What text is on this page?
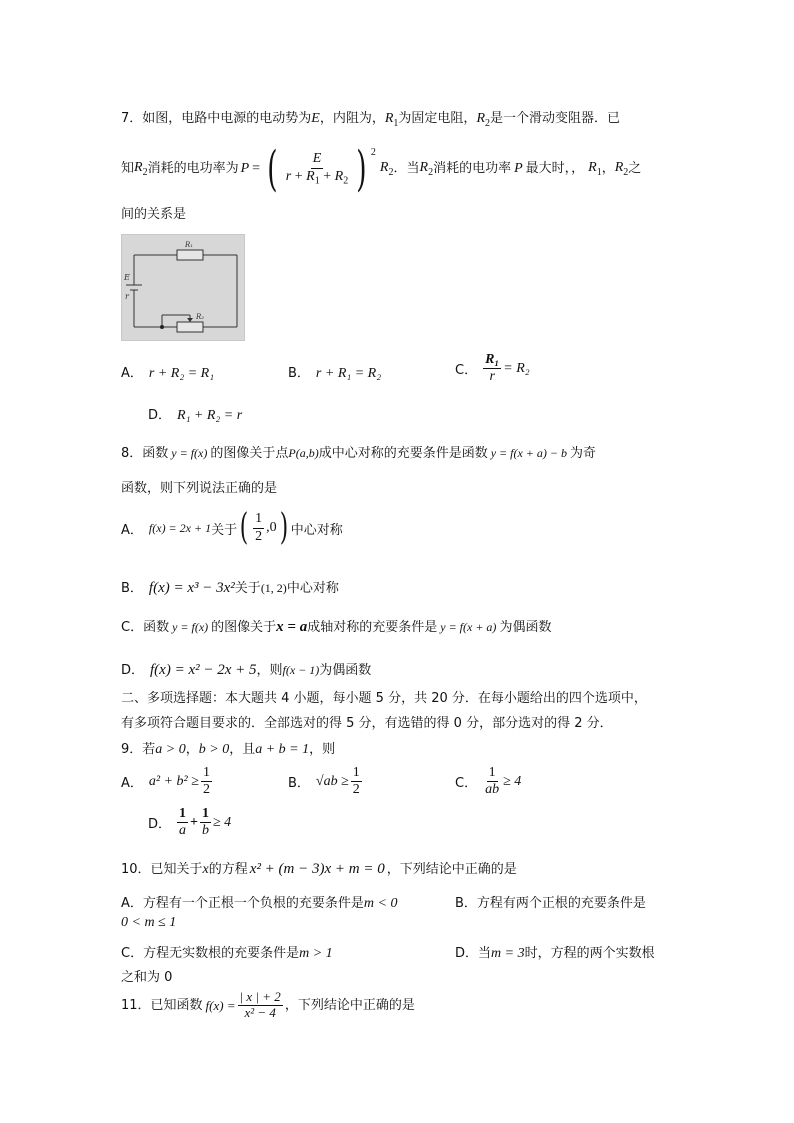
7．如图，电路中电源的电动势为E，内阻为，$R_1$为固定电阻，$R_2$是一个滑动变阻器．已
知 $R_2$ 消耗的电功率为 P = ( $\frac{E}{r + R_1 + R_2}$ ) 2
$R_2$ ．当 $R_2$ 消耗的电功率 P 最大时，， $R_1$ ， $R_2$ 之
间的关系是
R₁
E
r
R₂
A． r + R₂ = R₁	B． r + R₁ = R₂	C． $\frac{\text{R₁}}{r} = R_2$
D． R₁ + R₂ = r
8．函数 y = f(x) 的图像关于点P(a,b)成中心对称的充要条件是函数 y = f(x + a) − b 为奇
函数，则下列说法正确的是
A． f(x) = 2x + 1 关于 ( $\frac{1}{2} ,0$ ) 中心对称
B． f(x) = x³ − 3x²关于(1, 2)中心对称
C．函数 y = f(x) 的图像关于x = a成轴对称的充要条件是 y = f(x + a) 为偶函数
D． f(x) = x² − 2x + 5，则f(x − 1)为偶函数
二、多项选择题：本大题共 4 小题，每小题 5 分，共 20 分．在每小题给出的四个选项中，
有多项符合题目要求的．全部选对的得 5 分，有选错的得 0 分，部分选对的得 2 分．
9．若a > 0，b > 0，且a + b = 1，则
A． $a^2 + b^2 \ge \frac{1}{2}$	B． $√ab \ge \frac{1}{2}$	C． $\frac{1}{ab} \ge 4$
D． $\frac{1}{a} + \frac{1}{b} \ge 4$
10．已知关于x的方程 x² + (m − 3)x + m = 0 ，下列结论中正确的是
A．方程有一个正根一个负根的充要条件是m < 0	B．方程有两个正根的充要条件是
0 < m ≤ 1
C．方程无实数根的充要条件是m > 1	D．当m = 3时，方程的两个实数根
之和为 0
11．已知函数 $f(x) = \frac{| x | + 2}{\text{x² − 4}}$ ，下列结论中正确的是
